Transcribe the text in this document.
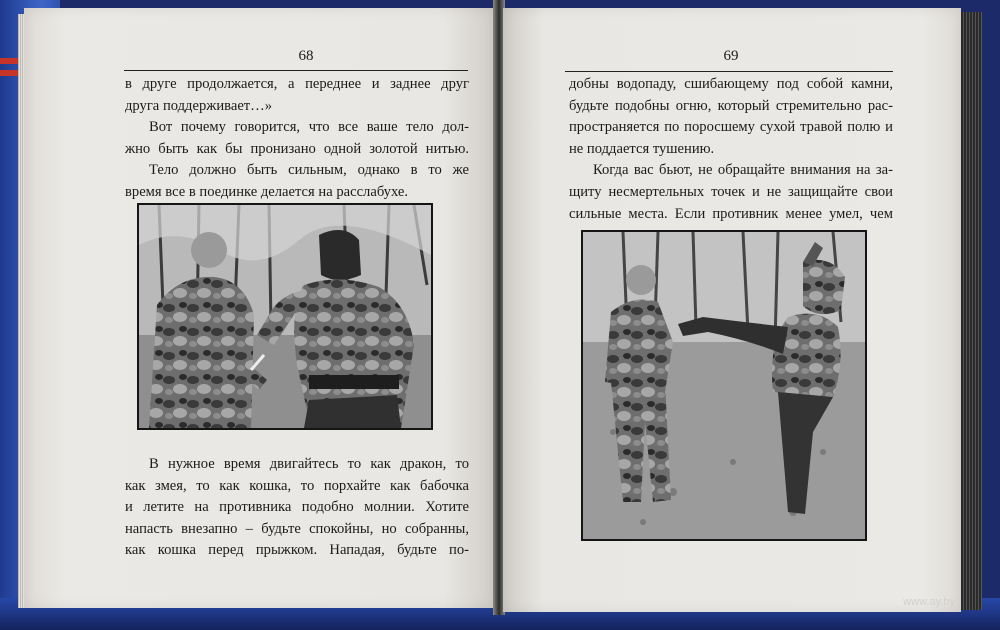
68
в друге продолжается, а переднее и заднее друг
друга поддерживает…»
Вот почему говорится, что все ваше тело дол-
жно быть как бы пронизано одной золотой нитью.
Тело должно быть сильным, однако в то же
время все в поединке делается на расслабухе.
В нужное время двигайтесь то как дракон, то
как змея, то как кошка, то порхайте как бабочка
и летите на противника подобно молнии. Хотите
напасть внезапно – будьте спокойны, но собранны,
как кошка перед прыжком. Нападая, будьте по-
69
добны водопаду, сшибающему под собой камни,
будьте подобны огню, который стремительно рас-
пространяется по поросшему сухой травой полю и
не поддается тушению.
Когда вас бьют, не обращайте внимания на за-
щиту несмертельных точек и не защищайте свои
сильные места. Если противник менее умел, чем
www.ay.by
